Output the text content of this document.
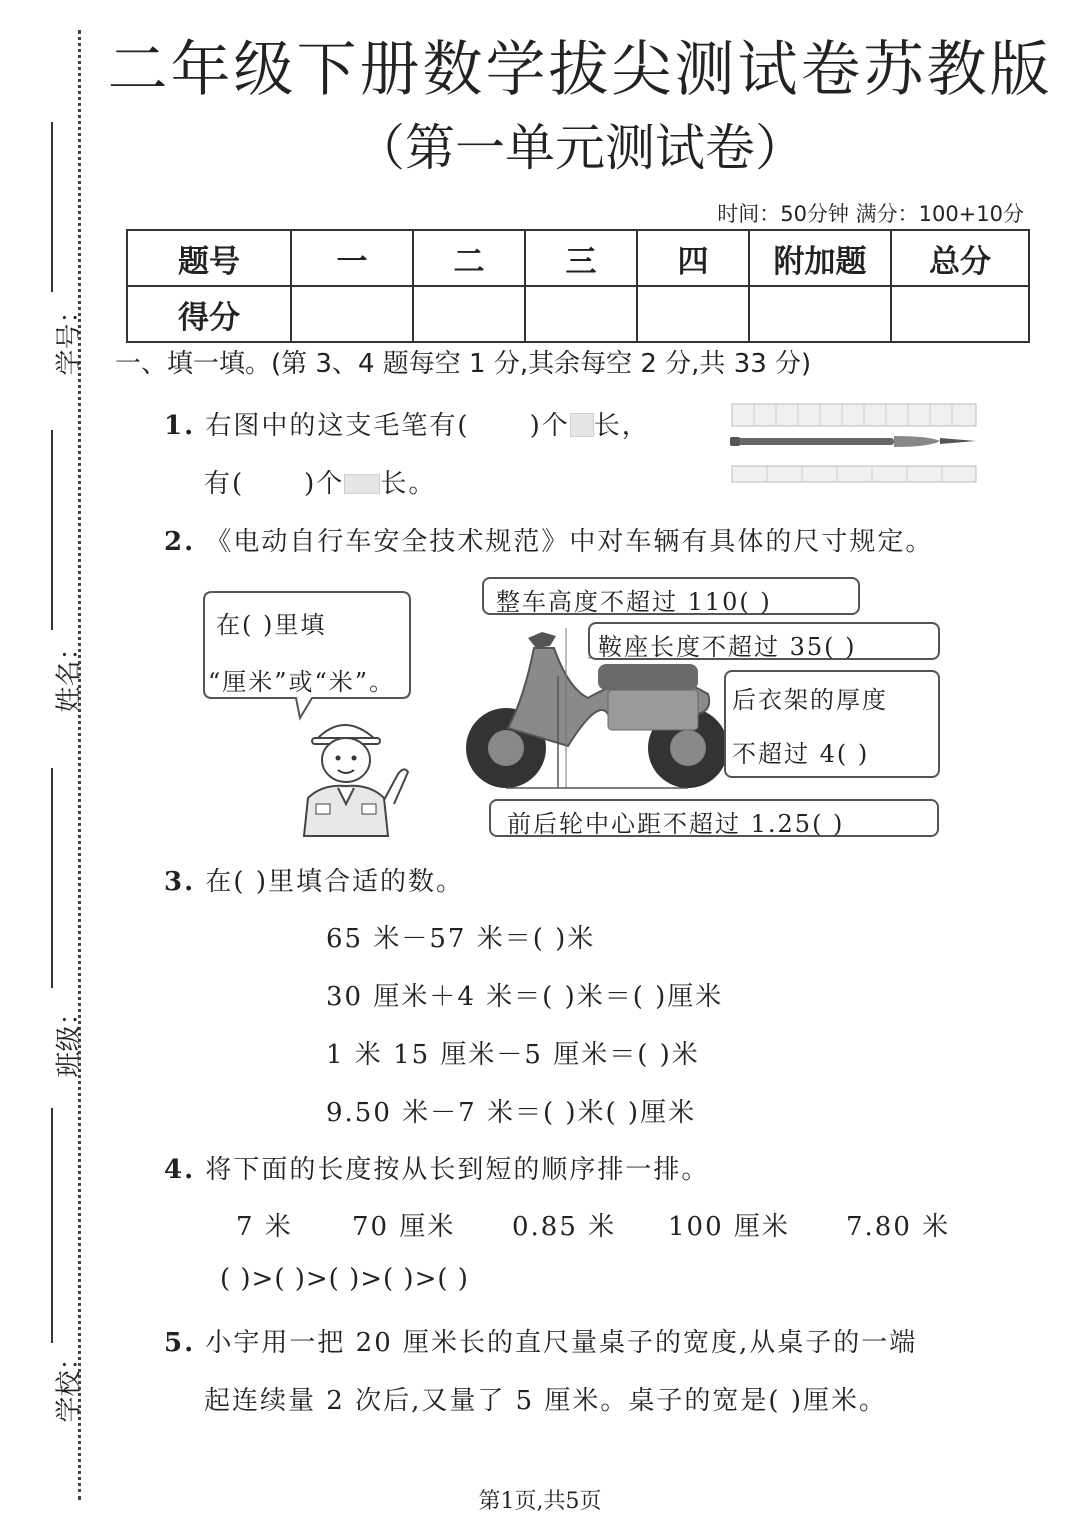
学号：
姓名：
班级：
学校：
二年级下册数学拔尖测试卷苏教版
（第一单元测试卷）
时间：50分钟 满分：100+10分
题号	一	二	三	四	附加题	总分
得分						
一、填一填。(第 3、4 题每空 1 分,其余每空 2 分,共 33 分)
1. 右图中的这支毛笔有( )个 长，
有( )个 长。
2. 《电动自行车安全技术规范》中对车辆有具体的尺寸规定。
在( )里填
“厘米”或“米”。
整车高度不超过 110( )
鞍座长度不超过 35( )
后衣架的厚度
不超过 4( )
前后轮中心距不超过 1.25( )
3. 在( )里填合适的数。
65 米－57 米＝( )米
30 厘米＋4 米＝( )米＝( )厘米
1 米 15 厘米－5 厘米＝( )米
9.50 米－7 米＝( )米( )厘米
4. 将下面的长度按从长到短的顺序排一排。
7 米 70 厘米 0.85 米 100 厘米 7.80 米
( )>( )>( )>( )>( )
5. 小宇用一把 20 厘米长的直尺量桌子的宽度,从桌子的一端
起连续量 2 次后,又量了 5 厘米。桌子的宽是( )厘米。
第1页,共5页
